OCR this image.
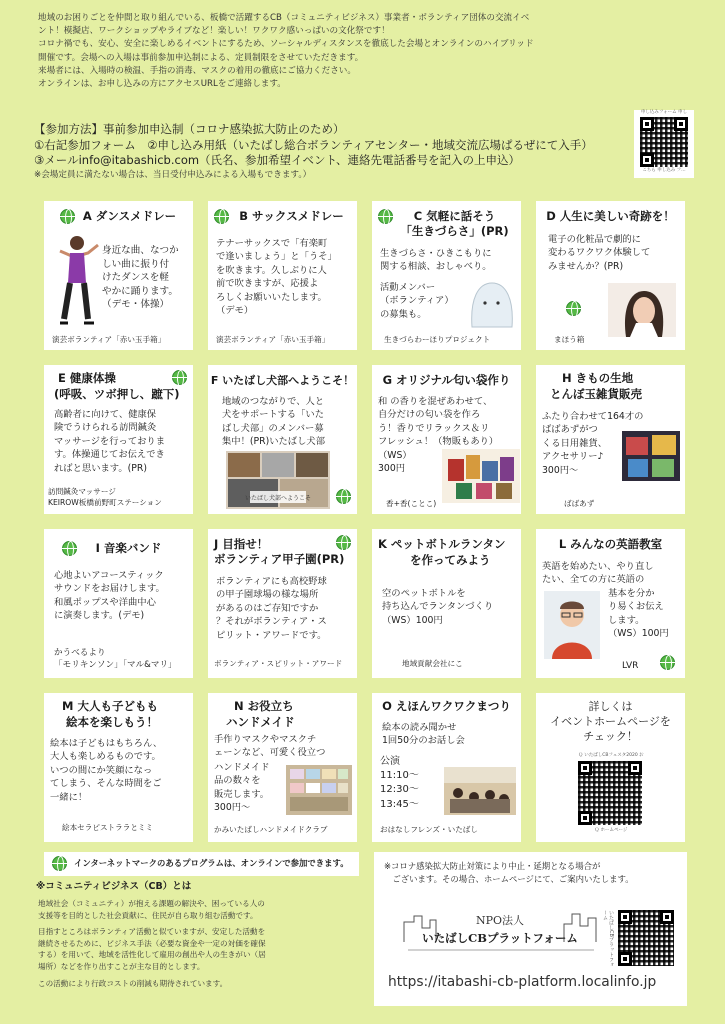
地域のお困りごとを仲間と取り組んでいる、板橋で活躍するCB（コミュニティビジネス）事業者・ボランティア団体の交流イベ
ント！模擬店、ワークショップやライブなど！楽しい！ワクワク感いっぱいの文化祭です！
コロナ禍でも、安心、安全に楽しめるイベントにするため、ソーシャルディスタンスを徹底した会場とオンラインのハイブリッド
開催です。会場への入場は事前参加申込制による、定員制限をさせていただきます。
来場者には、入場時の検温、手指の消毒、マスクの着用の徹底にご協力ください。
オンラインは、お申し込みの方にアクセスURLをご連絡します。
申し込みフォーム 申し
こちら 申し込み フ…
【参加方法】事前参加申込制（コロナ感染拡大防止のため）
①右記参加フォーム　②申し込み用紙（いたばし総合ボランティアセンター・地域交流広場ぱるぜにて入手）
③メールinfo@itabashicb.com（氏名、参加希望イベント、連絡先電話番号を記入の上申込）
※会場定員に満たない場合は、当日受付申込みによる入場もできます。）
A ダンスメドレー
身近な曲、なつか
しい曲に振り付
けたダンスを軽
やかに踊ります。
（デモ・体操）
演芸ボランティア「赤い玉手箱」
B サックスメドレー
テナーサックスで「有楽町
で逢いましょう」と「うそ」
を吹きます。久しぶりに人
前で吹きますが、応援よ
ろしくお願いいたします。
（デモ）
演芸ボランティア「赤い玉手箱」
C 気軽に話そう
「生きづらさ」(PR)
生きづらさ・ひきこもりに
関する相談、おしゃべり。
活動メンバー
（ボランティア）
の募集も。
生きづらわーほりプロジェクト
D 人生に美しい奇跡を！
電子の化粧品で劇的に
変わるワクワク体験して
みませんか？(PR)
まほう箱
E 健康体操
(呼吸、ツボ押し、蹠下)
高齢者に向けて、健康保
険でうけられる訪問鍼灸
マッサージを行っておりま
す。体操通じてお伝えでき
ればと思います。(PR)
訪問鍼灸マッサージ
KEIROW板橋前野町ステーション
F いたばし犬部へようこそ！
地域のつながりで、人と
犬をサポートする「いた
ばし犬部」のメンバー募
集中！(PR)いたばし犬部
いたばし犬部へようこそ
G オリジナル匂い袋作り
和 の香りを混ぜあわせて、
自分だけの匂い袋を作ろ
う！香りでリラックス＆リ
フレッシュ！（物販もあり）
（WS）
300円
香+香(ことこ)
H きもの生地
とんぼ玉雑貨販売
ふたり合わせて164才の
ばばあずがつ
くる日用雑貨、
アクセサリー♪
300円～
ばばあず
I 音楽バンド
心地よいアコースティック
サウンドをお届けします。
和風ポップスや洋曲中心
に演奏します。(デモ)
かうべるより
「モリキンソン」「マル&マリ」
J 目指せ！
ボランティア甲子園(PR)
ボランティアにも高校野球
の甲子園球場の様な場所
があるのはご存知ですか
？それがボランティア・ス
ピリット・アワードです。
ボランティア・スピリット・アワード
K ペットボトルランタン
を作ってみよう
空のペットボトルを
持ち込んでランタンづくり
（WS）100円
地域貢献会社にこ
L みんなの英語教室
英語を始めたい、やり直し
たい、全ての方に英語の
基本を分か
り易くお伝え
します。
（WS）100円
LVR
M 大人も子どもも
絵本を楽しもう！
絵本は子どもはもちろん、
大人も楽しめるものです。
いつの間にか笑顔になっ
てしまう、そんな時間をご
一緒に！
絵本セラピストララとミミ
N お役立ち
ハンドメイド
手作りマスクやマスクチ
ェーンなど、可愛く役立つ
ハンドメイド
品の数々を
販売します。
300円～
かみいたばしハンドメイドクラブ
O えほんワクワクまつり
絵本の読み聞かせ
1回50分のお話し会
公演
11:10～
12:30～
13:45～
おはなしフレンズ・いたばし
詳しくは
イベントホームページを
チェック！
Ｑ いたばしCBフェスタ2020 お
Ｑ ホームページ
インターネットマークのあるプログラムは、オンラインで参加できます。
※コミュニティビジネス（CB）とは
地域社会（コミュニティ）が抱える課題の解決や、困っている人の
支援等を目的とした社会貢献に、住民が自ら取り組む活動です。
目指すところはボランティア活動と似ていますが、安定した活動を
継続させるために、ビジネス手法（必要な資金や一定の対価を確保
する）を用いて、地域を活性化して雇用の創出や人の生きがい（居
場所）などを作り出すことが主な目的とします。
この活動により行政コストの削減も期待されています。
※コロナ感染拡大防止対策により中止・延期となる場合が
　ございます。その場合、ホームページにて、ご案内いたします。
NPO法人
いたばしCBプラットフォーム	いたばしCBプラットフォーム
https://itabashi-cb-platform.localinfo.jp
